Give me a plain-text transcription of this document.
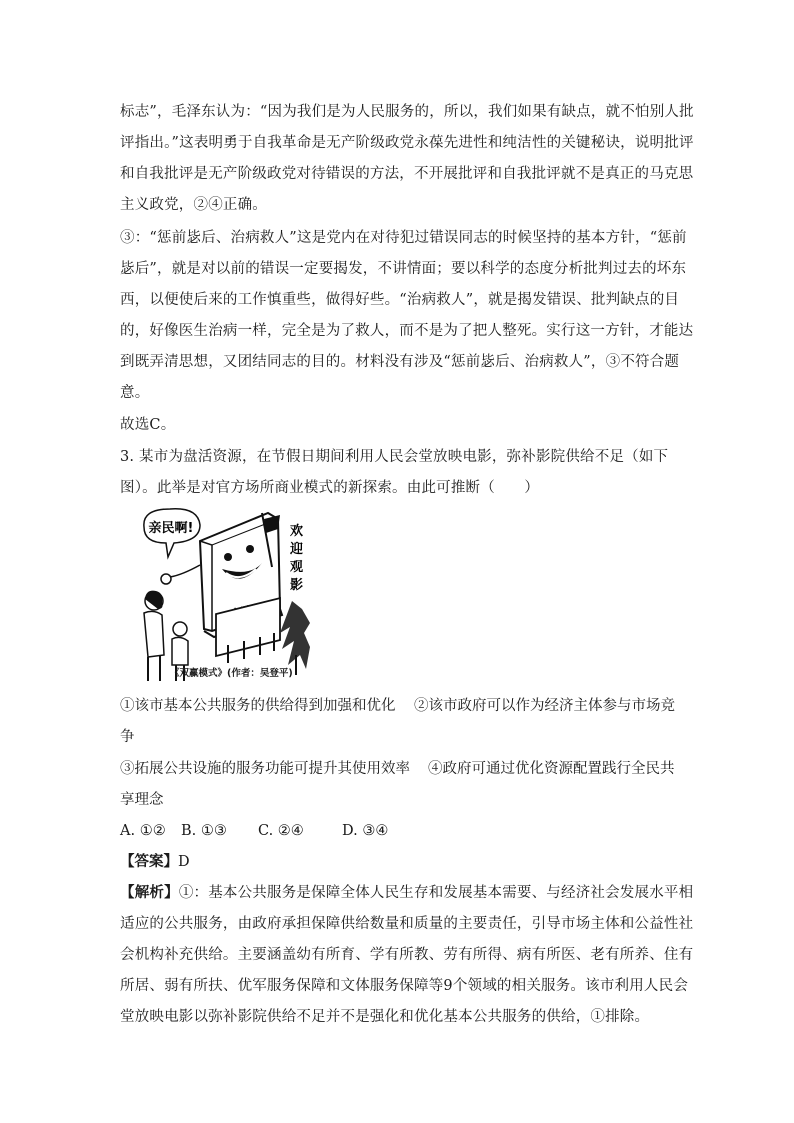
标志”，毛泽东认为：“因为我们是为人民服务的，所以，我们如果有缺点，就不怕别人批
评指出。”这表明勇于自我革命是无产阶级政党永葆先进性和纯洁性的关键秘诀，说明批评
和自我批评是无产阶级政党对待错误的方法，不开展批评和自我批评就不是真正的马克思
主义政党，②④正确。
③：“惩前毖后、治病救人”这是党内在对待犯过错误同志的时候坚持的基本方针，“惩前
毖后”，就是对以前的错误一定要揭发，不讲情面；要以科学的态度分析批判过去的坏东
西，以便使后来的工作慎重些，做得好些。“治病救人”，就是揭发错误、批判缺点的目
的，好像医生治病一样，完全是为了救人，而不是为了把人整死。实行这一方针，才能达
到既弄清思想，又团结同志的目的。材料没有涉及“惩前毖后、治病救人”，③不符合题
意。
故选C。
3. 某市为盘活资源，在节假日期间利用人民会堂放映电影，弥补影院供给不足（如下
图）。此举是对官方场所商业模式的新探索。由此可推断（　　）
亲民啊!	欢
迎
观
影
《双赢模式》(作者：吴登平)
①该市基本公共服务的供给得到加强和优化 ②该市政府可以作为经济主体参与市场竞
争
③拓展公共设施的服务功能可提升其使用效率 ④政府可通过优化资源配置践行全民共
享理念
A. ①② B. ①③ C. ②④	D. ③④
【答案】D
【解析】①：基本公共服务是保障全体人民生存和发展基本需要、与经济社会发展水平相
适应的公共服务，由政府承担保障供给数量和质量的主要责任，引导市场主体和公益性社
会机构补充供给。主要涵盖幼有所育、学有所教、劳有所得、病有所医、老有所养、住有
所居、弱有所扶、优军服务保障和文体服务保障等9个领域的相关服务。该市利用人民会
堂放映电影以弥补影院供给不足并不是强化和优化基本公共服务的供给，①排除。
